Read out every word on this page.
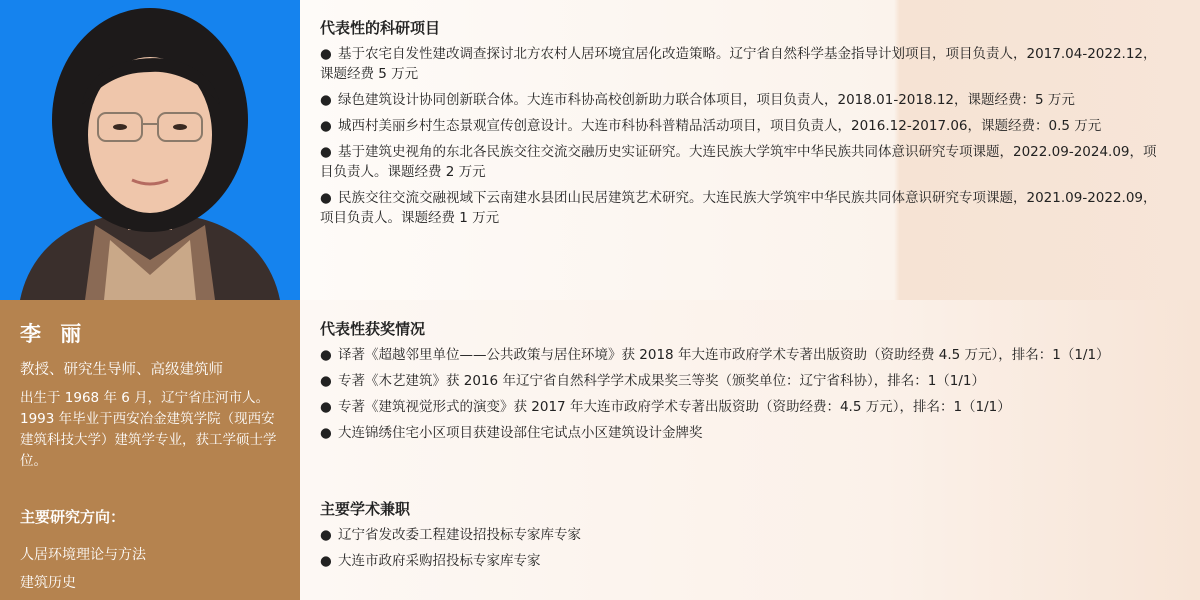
李 丽
教授、研究生导师、高级建筑师
出生于 1968 年 6 月，辽宁省庄河市人。1993 年毕业于西安冶金建筑学院（现西安建筑科技大学）建筑学专业，获工学硕士学位。
主要研究方向：
人居环境理论与方法
建筑历史
代表性的科研项目
● 基于农宅自发性建改调查探讨北方农村人居环境宜居化改造策略。辽宁省自然科学基金指导计划项目，项目负责人，2017.04-2022.12，课题经费 5 万元
● 绿色建筑设计协同创新联合体。大连市科协高校创新助力联合体项目，项目负责人，2018.01-2018.12，课题经费：5 万元
● 城西村美丽乡村生态景观宣传创意设计。大连市科协科普精品活动项目，项目负责人，2016.12-2017.06，课题经费：0.5 万元
● 基于建筑史视角的东北各民族交往交流交融历史实证研究。大连民族大学筑牢中华民族共同体意识研究专项课题，2022.09-2024.09，项目负责人。课题经费 2 万元
● 民族交往交流交融视域下云南建水县团山民居建筑艺术研究。大连民族大学筑牢中华民族共同体意识研究专项课题，2021.09-2022.09，项目负责人。课题经费 1 万元
代表性获奖情况
● 译著《超越邻里单位——公共政策与居住环境》获 2018 年大连市政府学术专著出版资助（资助经费 4.5 万元），排名：1（1/1）
● 专著《木艺建筑》获 2016 年辽宁省自然科学学术成果奖三等奖（颁奖单位：辽宁省科协），排名：1（1/1）
● 专著《建筑视觉形式的演变》获 2017 年大连市政府学术专著出版资助（资助经费：4.5 万元），排名：1（1/1）
● 大连锦绣住宅小区项目获建设部住宅试点小区建筑设计金牌奖
主要学术兼职
● 辽宁省发改委工程建设招投标专家库专家
● 大连市政府采购招投标专家库专家
